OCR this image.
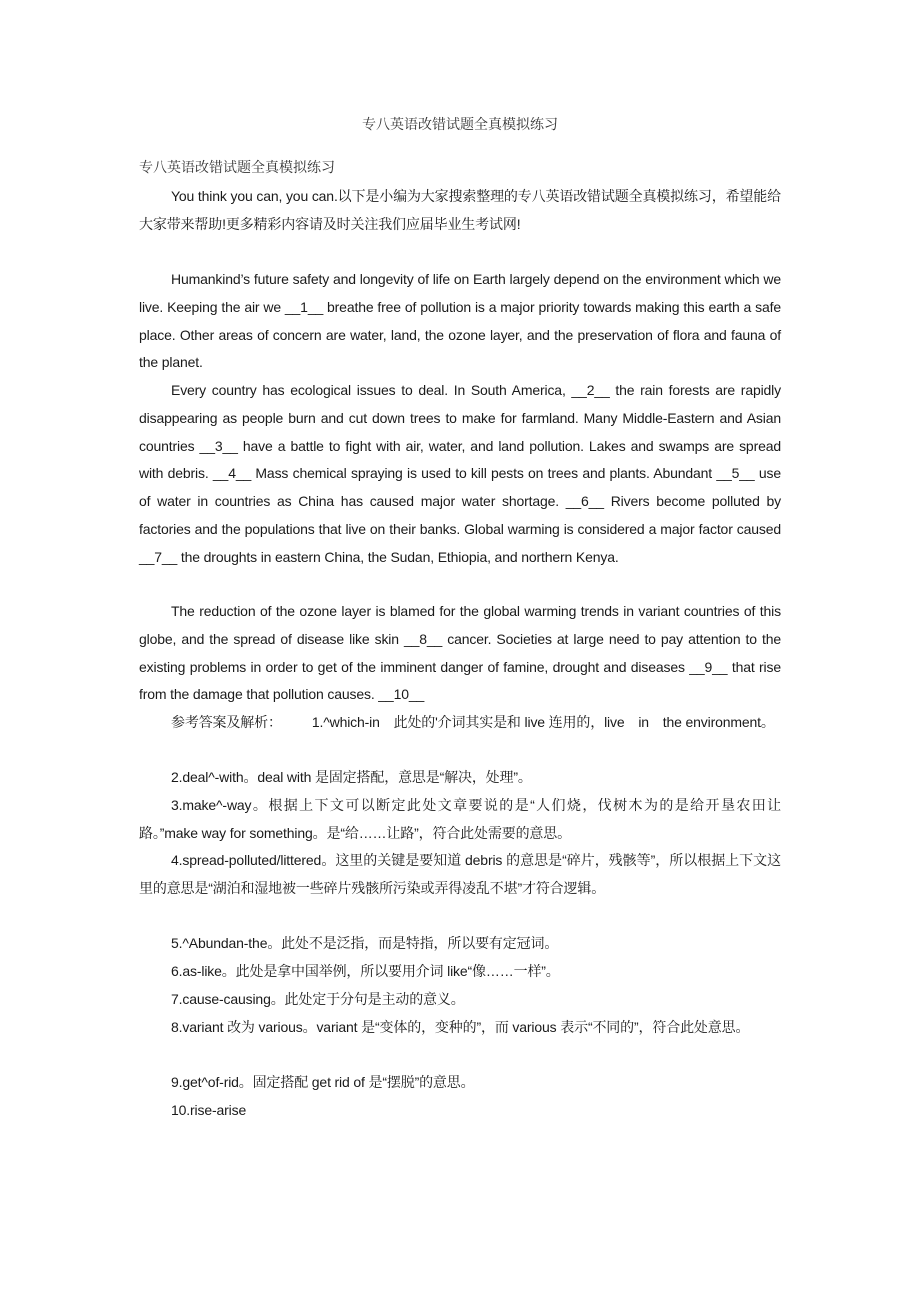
专八英语改错试题全真模拟练习
专八英语改错试题全真模拟练习

You think you can, you can.以下是小编为大家搜索整理的专八英语改错试题全真模拟练习，希望能给大家带来帮助!更多精彩内容请及时关注我们应届毕业生考试网!

Humankind’s future safety and longevity of life on Earth largely depend on the environment which we live. Keeping the air we __1__ breathe free of pollution is a major priority towards making this earth a safe place. Other areas of concern are water, land, the ozone layer, and the preservation of flora and fauna of the planet.

Every country has ecological issues to deal. In South America, __2__ the rain forests are rapidly disappearing as people burn and cut down trees to make for farmland. Many Middle-Eastern and Asian countries __3__ have a battle to fight with air, water, and land pollution. Lakes and swamps are spread with debris. __4__ Mass chemical spraying is used to kill pests on trees and plants. Abundant __5__ use of water in countries as China has caused major water shortage. __6__ Rivers become polluted by factories and the populations that live on their banks. Global warming is considered a major factor caused __7__ the droughts in eastern China, the Sudan, Ethiopia, and northern Kenya.

The reduction of the ozone layer is blamed for the global warming trends in variant countries of this globe, and the spread of disease like skin __8__ cancer. Societies at large need to pay attention to the existing problems in order to get of the imminent danger of famine, drought and diseases __9__ that rise from the damage that pollution causes. __10__

参考答案及解析： 1.^which-in　此处的'介词其实是和 live 连用的，live　in　the environment。

2.deal^-with。deal with 是固定搭配，意思是“解决，处理”。

3.make^-way。根据上下文可以断定此处文章要说的是“人们烧，伐树木为的是给开垦农田让路。”make way for something。是“给……让路”，符合此处需要的意思。

4.spread-polluted/littered。这里的关键是要知道 debris 的意思是“碎片，残骸等”，所以根据上下文这里的意思是“湖泊和湿地被一些碎片残骸所污染或弄得凌乱不堪”才符合逻辑。

5.^Abundan-the。此处不是泛指，而是特指，所以要有定冠词。

6.as-like。此处是拿中国举例，所以要用介词 like“像……一样”。

7.cause-causing。此处定于分句是主动的意义。

8.variant 改为 various。variant 是“变体的，变种的”，而 various 表示“不同的”，符合此处意思。

9.get^of-rid。固定搭配 get rid of 是“摆脱”的意思。

10.rise-arise
